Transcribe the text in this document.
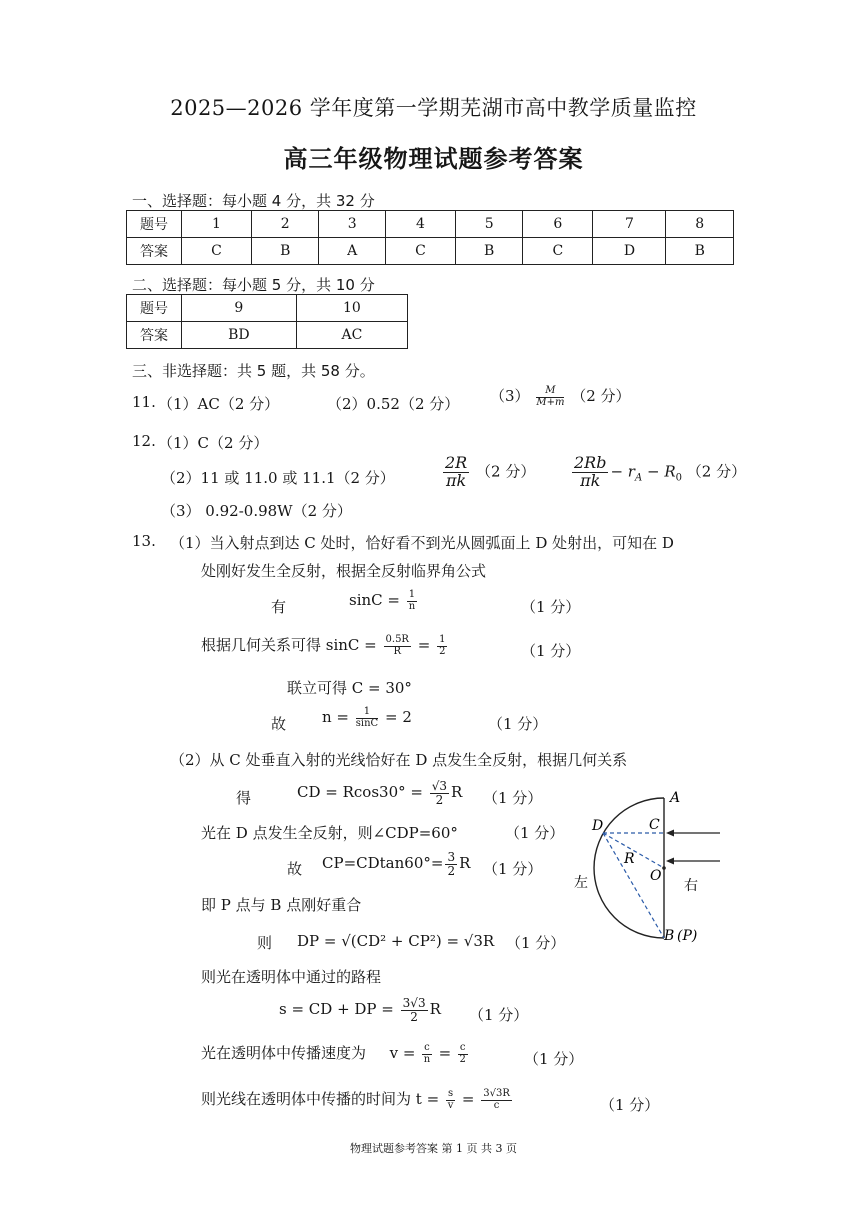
2025—2026 学年度第一学期芜湖市高中教学质量监控
高三年级物理试题参考答案
一、选择题：每小题 4 分，共 32 分
题号	1	2	3	4	5	6	7	8
答案	C	B	A	C	B	C	D	B
二、选择题：每小题 5 分，共 10 分
题号	9	10
答案	BD	AC
三、非选择题：共 5 题，共 58 分。
11. （1）AC（2 分）	（2）0.52（2 分） $(3) \frac{M}{M+m} (2$ 分）
12. （1）C（2 分）
（2）11 或 11.0 或 11.1（2 分）	$\frac{2R}{\pi k} (2$ 分） $\frac{2Rb}{\pi k} - r_A - R_0$ （2 分）
（3） 0.92-0.98W（2 分）
13. （1）当入射点到达 C 处时，恰好看不到光从圆弧面上 D 处射出，可知在 D
处刚好发生全反射，根据全反射临界角公式
有	$\sin C = \frac{1}{n}$	（1 分）
根据几何关系可得 $\sin C = \frac{0.5R}{R} = \frac{1}{2}$	（1 分）
联立可得 C = 30°
故 $n = \frac{1}{\sin C} = 2$	（1 分）
（2）从 C 处垂直入射的光线恰好在 D 点发生全反射，根据几何关系
得	CD = $Rcos30^\circ = \frac{√3}{2}$ R （1 分）
光在 D 点发生全反射，则∠CDP=60°	（1 分）
故 $CP=CDtan60^\circ= \frac{3}{2}$ R （1 分）
即 P 点与 B 点刚好重合
则 DP = √(CD² + CP²) = √3R （1 分）
则光在透明体中通过的路程
s = CD + DP = $\frac{3√3}{2}$ R （1 分）
光在透明体中传播速度为 $v = \frac{c}{n} = \frac{c}{2}$	（1 分）
则光线在透明体中传播的时间为 $t = \frac{s}{v} = \frac{3√3R}{c}$	（1 分）
A
C
D
R
O
B (P)
左	右
物理试题参考答案 第 1 页 共 3 页
